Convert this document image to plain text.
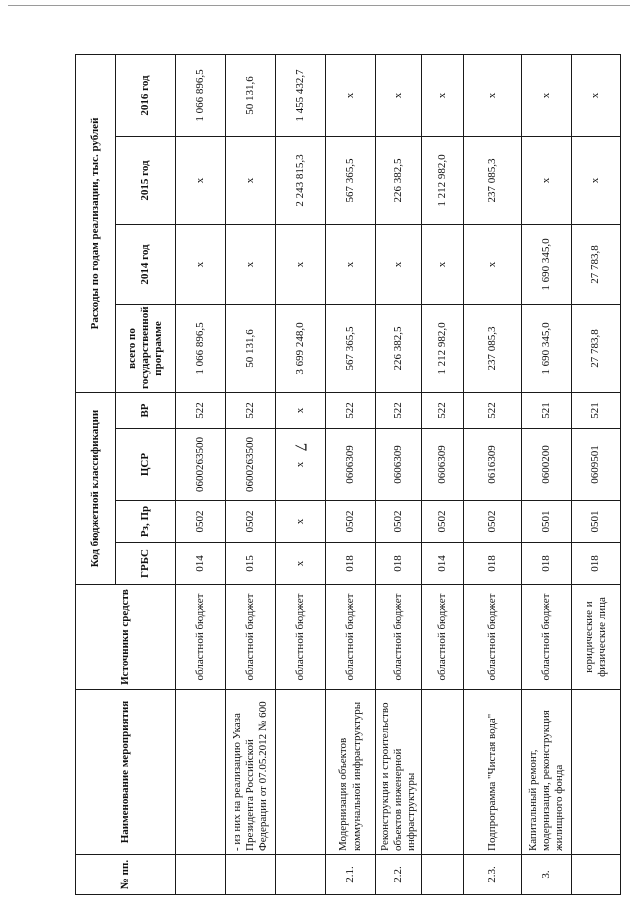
7
№ пп.	Наименование мероприятия	Источники средств	Код бюджетной классификации				Расходы по годам реализации, тыс. рублей			
			ГРБС	Рз, Пр	ЦСР	ВР	всего по государственной программе	2014 год	2015 год	2016 год
		областной бюджет	014	0502	0600263500	522	1 066 896,5	x	x	1 066 896,5
	- из них на реализацию Указа Президента Российской Федерации от 07.05.2012 № 600	областной бюджет	015	0502	0600263500	522	50 131,6	x	x	50 131,6
		областной бюджет	x	x	x	x	3 699 248,0	x	2 243 815,3	1 455 432,7
2.1.	Модернизация объектов коммунальной инфраструктуры	областной бюджет	018	0502	0606309	522	567 365,5	x	567 365,5	x
2.2.	Реконструкция и строительство объектов инженерной инфраструктуры	областной бюджет	018	0502	0606309	522	226 382,5	x	226 382,5	x
		областной бюджет	014	0502	0606309	522	1 212 982,0	x	1 212 982,0	x
2.3.	Подпрограмма "Чистая вода"	областной бюджет	018	0502	0616309	522	237 085,3	x	237 085,3	x
3.	Капитальный ремонт, модернизация, реконструкция жилищного фонда	областной бюджет	018	0501	0600200	521	1 690 345,0	1 690 345,0	x	x
		юридические и физические лица	018	0501	0609501	521	27 783,8	27 783,8	x	x
